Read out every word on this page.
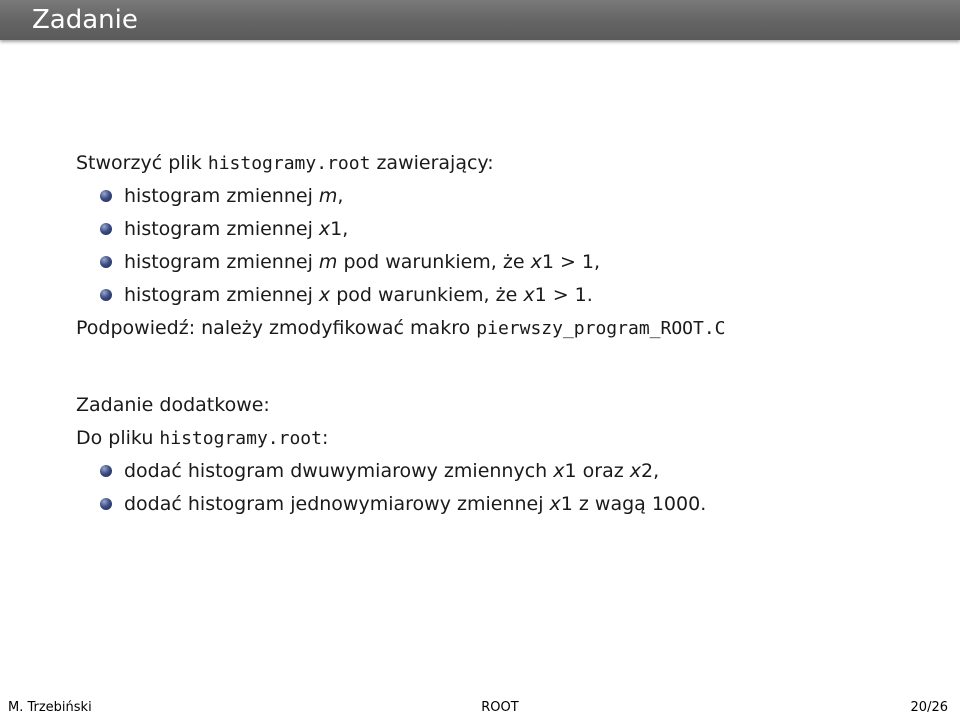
Zadanie
Stworzyć plik histogramy.root zawierający:
histogram zmiennej m,
histogram zmiennej x1,
histogram zmiennej m pod warunkiem, że x1 > 1,
histogram zmiennej x pod warunkiem, że x1 > 1.
Podpowiedź: należy zmodyfikować makro pierwszy_program_ROOT.C
Zadanie dodatkowe:
Do pliku histogramy.root:
dodać histogram dwuwymiarowy zmiennych x1 oraz x2,
dodać histogram jednowymiarowy zmiennej x1 z wagą 1000.
M. Trzebiński	ROOT	20/26
